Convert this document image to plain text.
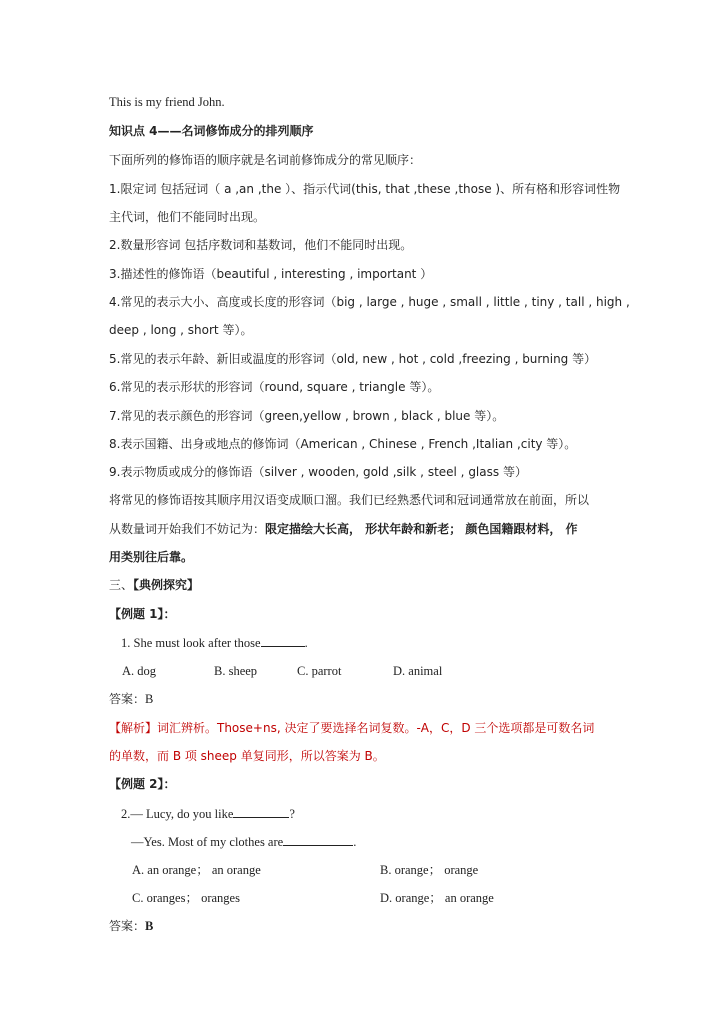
This is my friend John.
知识点 4——名词修饰成分的排列顺序
下面所列的修饰语的顺序就是名词前修饰成分的常见顺序：
1.限定词 包括冠词（ a ,an ,the ）、指示代词(this, that ,these ,those )、所有格和形容词性物
主代词，他们不能同时出现。
2.数量形容词 包括序数词和基数词，他们不能同时出现。
3.描述性的修饰语（beautiful , interesting , important ）
4.常见的表示大小、高度或长度的形容词（big , large , huge , small , little , tiny , tall , high ,
deep , long , short 等）。
5.常见的表示年龄、新旧或温度的形容词（old, new , hot , cold ,freezing , burning 等）
6.常见的表示形状的形容词（round, square , triangle 等）。
7.常见的表示颜色的形容词（green,yellow , brown , black , blue 等）。
8.表示国籍、出身或地点的修饰词（American , Chinese , French ,Italian ,city 等）。
9.表示物质或成分的修饰语（silver , wooden, gold ,silk , steel , glass 等）
将常见的修饰语按其顺序用汉语变成顺口溜。我们已经熟悉代词和冠词通常放在前面，所以
从数量词开始我们不妨记为：限定描绘大长高， 形状年龄和新老； 颜色国籍跟材料， 作
用类别往后靠。
三、【典例探究】
【例题 1】：
1. She must look after those	.
A. dog	B. sheep	C. parrot	D. animal
答案：B
【解析】词汇辨析。Those+ns, 决定了要选择名词复数。-A，C，D 三个选项都是可数名词
的单数，而 B 项 sheep 单复同形，所以答案为 B。
【例题 2】：
2.— Lucy, do you like	?
—Yes. Most of my clothes are	.
A. an orange； an orange	B. orange； orange
C. oranges； oranges	D. orange； an orange
答案：B
